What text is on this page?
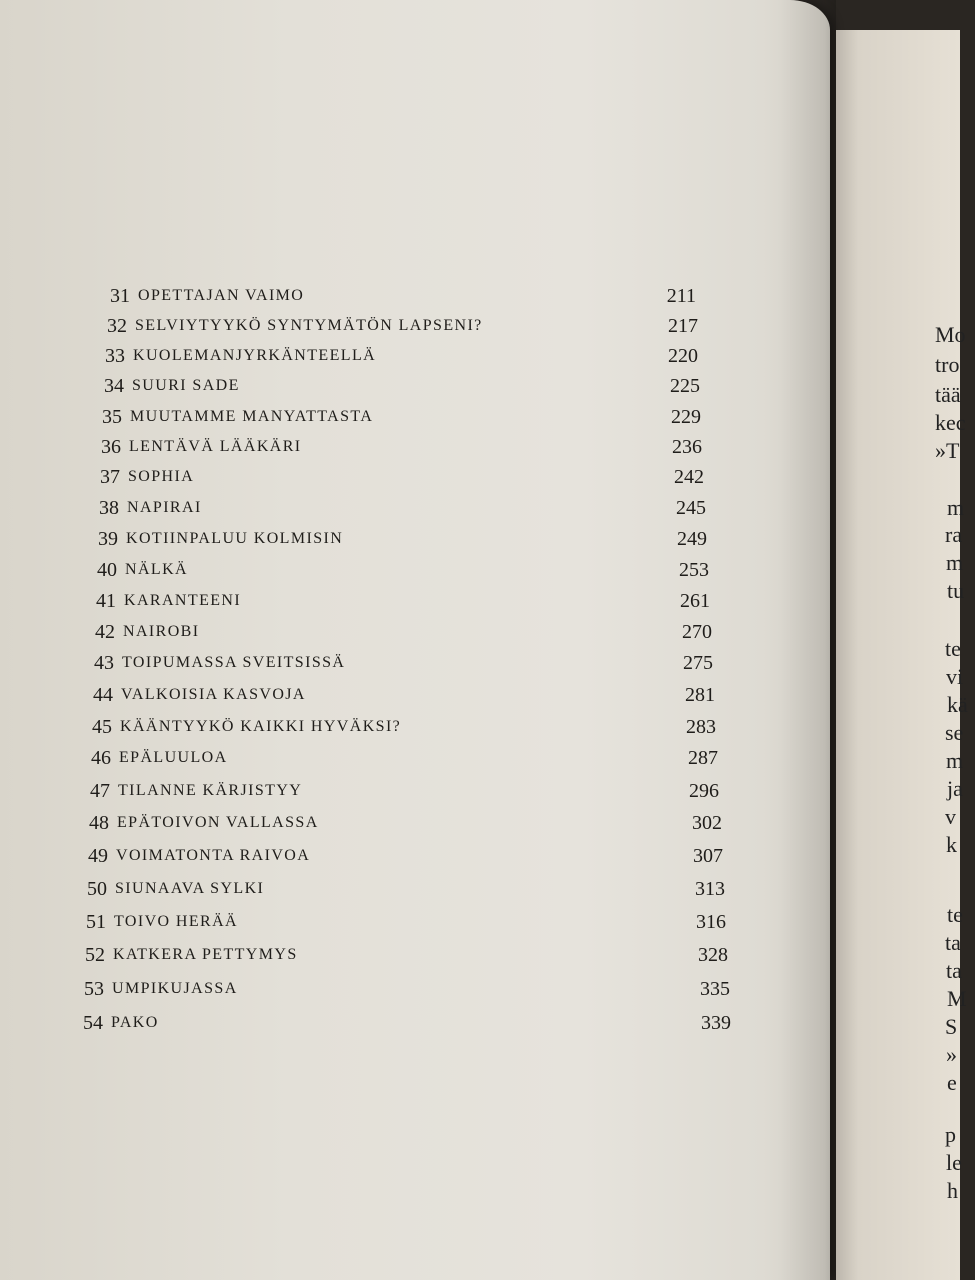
31 OPETTAJAN VAIMO	211
32 SELVIYTYYKÖ SYNTYMÄTÖN LAPSENI?	217
33 KUOLEMANJYRKÄNTEELLÄ	220
34 SUURI SADE	225
35 MUUTAMME MANYATTASTA	229
36 LENTÄVÄ LÄÄKÄRI	236
37 SOPHIA	242
38 NAPIRAI	245
39 KOTIINPALUU KOLMISIN	249
40 NÄLKÄ	253
41 KARANTEENI	261
42 NAIROBI	270
43 TOIPUMASSA SVEITSISSÄ	275
44 VALKOISIA KASVOJA	281
45 KÄÄNTYYKÖ KAIKKI HYVÄKSI?	283
46 EPÄLUULOA	287
47 TILANNE KÄRJISTYY	296
48 EPÄTOIVON VALLASSA	302
49 VOIMATONTA RAIVOA	307
50 SIUNAAVA SYLKI	313
51 TOIVO HERÄÄ	316
52 KATKERA PETTYMYS	328
53 UMPIKUJASSA	335
54 PAKO	339
Mo
tro
tää
kec
»T
m
ra
m
tu
te
vi
kä
se
m
ja
v
k
te
ta
ta
M
S
»
e
p
le
h
